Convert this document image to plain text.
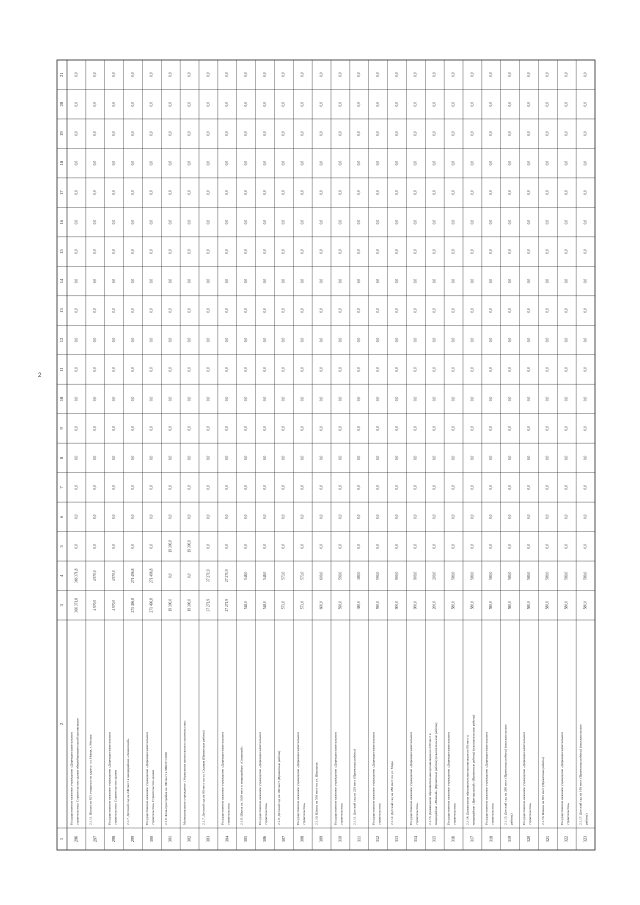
2
1
2
3
4
5
6
7
8
9
10
11
12
13
14
15
16
17
18
19
20
21
296
Государственное казенное учреждение «Дирекция капитального строительства» Строительство здания общеобразовательной организации
366 371,8
366 371,8
0,0
0,0
0,0
0,0
0,0
0,0
0,0
0,0
0,0
0,0
0,0
0,0
0,0
0,0
0,0
0,0
0,0
297
2.1.11. Школа на 825 учащихся по адресу: ул. Новая, г. Москва
4 970,0
4 970,0
0,0
0,0
0,0
0,0
0,0
0,0
0,0
0,0
0,0
0,0
0,0
0,0
0,0
0,0
0,0
0,0
0,0
298
Государственное казенное учреждение «Дирекция капитального строительства» Строительство здания
4 970,0
4 970,0
0,0
0,0
0,0
0,0
0,0
0,0
0,0
0,0
0,0
0,0
0,0
0,0
0,0
0,0
0,0
0,0
0,0
299
2.1.7. Детский сад на 240 мест в микрорайоне «Ленинский»
271 496,8
271 496,8
0,0
0,0
0,0
0,0
0,0
0,0
0,0
0,0
0,0
0,0
0,0
0,0
0,0
0,0
0,0
0,0
0,0
300
Государственное казенное учреждение «Дирекция капитального строительства» Строительство здания
271 496,8
271 496,8
0,0
0,0
0,0
0,0
0,0
0,0
0,0
0,0
0,0
0,0
0,0
0,0
0,0
0,0
0,0
0,0
0,0
301
2.1.6. Блок-пристройка на 100 мест к МБОУ СОШ
19 300,0
0,0
19 300,0
0,0
0,0
0,0
0,0
0,0
0,0
0,0
0,0
0,0
0,0
0,0
0,0
0,0
0,0
0,0
0,0
302
Муниципальное учреждение «Управление капитального строительства»
19 300,0
0,0
19 300,0
0,0
0,0
0,0
0,0
0,0
0,0
0,0
0,0
0,0
0,0
0,0
0,0
0,0
0,0
0,0
0,0
303
2.1.7. Детский сад на 80 мест по ул. Садовая (Проектные работы)
37 271,9
37 271,9
0,0
0,0
0,0
0,0
0,0
0,0
0,0
0,0
0,0
0,0
0,0
0,0
0,0
0,0
0,0
0,0
0,0
304
Государственное казенное учреждение «Дирекция капитального строительства»
27 271,9
27 271,9
0,0
0,0
0,0
0,0
0,0
0,0
0,0
0,0
0,0
0,0
0,0
0,0
0,0
0,0
0,0
0,0
0,0
305
2.1.8. Школа на 1100 мест в микрорайоне «Северный»
548,0
548,0
0,0
0,0
0,0
0,0
0,0
0,0
0,0
0,0
0,0
0,0
0,0
0,0
0,0
0,0
0,0
0,0
0,0
306
Государственное казенное учреждение «Дирекция капитального строительства»
548,0
548,0
0,0
0,0
0,0
0,0
0,0
0,0
0,0
0,0
0,0
0,0
0,0
0,0
0,0
0,0
0,0
0,0
0,0
307
2.1.9. Детский сад на 160 мест (Проектные работы)
573,0
573,0
0,0
0,0
0,0
0,0
0,0
0,0
0,0
0,0
0,0
0,0
0,0
0,0
0,0
0,0
0,0
0,0
0,0
308
Государственное казенное учреждение «Дирекция капитального строительства»
573,0
573,0
0,0
0,0
0,0
0,0
0,0
0,0
0,0
0,0
0,0
0,0
0,0
0,0
0,0
0,0
0,0
0,0
0,0
309
2.1.10. Школа на 550 мест по ул. Школьная
600,0
600,0
0,0
0,0
0,0
0,0
0,0
0,0
0,0
0,0
0,0
0,0
0,0
0,0
0,0
0,0
0,0
0,0
0,0
310
Государственное казенное учреждение «Дирекция капитального строительства»
590,0
590,0
0,0
0,0
0,0
0,0
0,0
0,0
0,0
0,0
0,0
0,0
0,0
0,0
0,0
0,0
0,0
0,0
0,0
311
2.1.11. Детский сад на 220 мест (Проектные работы)
380,0
380,0
0,0
0,0
0,0
0,0
0,0
0,0
0,0
0,0
0,0
0,0
0,0
0,0
0,0
0,0
0,0
0,0
0,0
312
Государственное казенное учреждение «Дирекция капитального строительства»
590,0
590,0
0,0
0,0
0,0
0,0
0,0
0,0
0,0
0,0
0,0
0,0
0,0
0,0
0,0
0,0
0,0
0,0
0,0
313
2.1.12. Детский сад на 280 мест по ул. Мира
900,0
900,0
0,0
0,0
0,0
0,0
0,0
0,0
0,0
0,0
0,0
0,0
0,0
0,0
0,0
0,0
0,0
0,0
0,0
314
Государственное казенное учреждение «Дирекция капитального строительства»
900,0
900,0
0,0
0,0
0,0
0,0
0,0
0,0
0,0
0,0
0,0
0,0
0,0
0,0
0,0
0,0
0,0
0,0
0,0
315
2.1.13. Дошкольная образовательная организация на 220 мест в микрорайоне «Южный» (Проектные работы) (изыскательские работы)
200,0
200,0
0,0
0,0
0,0
0,0
0,0
0,0
0,0
0,0
0,0
0,0
0,0
0,0
0,0
0,0
0,0
0,0
0,0
316
Государственное казенное учреждение «Дирекция капитального строительства»
580,0
580,0
0,0
0,0
0,0
0,0
0,0
0,0
0,0
0,0
0,0
0,0
0,0
0,0
0,0
0,0
0,0
0,0
0,0
317
2.1.14. Дошкольная образовательная организация на 90 мест в микрорайоне «Центральный» (Проектные работы) (изыскательские работы)
580,0
580,0
0,0
0,0
0,0
0,0
0,0
0,0
0,0
0,0
0,0
0,0
0,0
0,0
0,0
0,0
0,0
0,0
0,0
318
Государственное казенное учреждение «Дирекция капитального строительства»
580,0
580,0
0,0
0,0
0,0
0,0
0,0
0,0
0,0
0,0
0,0
0,0
0,0
0,0
0,0
0,0
0,0
0,0
0,0
319
2.1.15. Детский сад на 280 мест (Проектные работы) (изыскательские работы)
580,0
580,0
0,0
0,0
0,0
0,0
0,0
0,0
0,0
0,0
0,0
0,0
0,0
0,0
0,0
0,0
0,0
0,0
0,0
320
Государственное казенное учреждение «Дирекция капитального строительства»
580,0
580,0
0,0
0,0
0,0
0,0
0,0
0,0
0,0
0,0
0,0
0,0
0,0
0,0
0,0
0,0
0,0
0,0
0,0
321
2.1.16. Школа на 825 мест (Проектные работы)
580,0
580,0
0,0
0,0
0,0
0,0
0,0
0,0
0,0
0,0
0,0
0,0
0,0
0,0
0,0
0,0
0,0
0,0
0,0
322
Государственное казенное учреждение «Дирекция капитального строительства»
580,0
580,0
0,0
0,0
0,0
0,0
0,0
0,0
0,0
0,0
0,0
0,0
0,0
0,0
0,0
0,0
0,0
0,0
0,0
323
2.1.17. Детский сад на 190 мест (Проектные работы) (изыскательские работы)
580,0
580,0
0,0
0,0
0,0
0,0
0,0
0,0
0,0
0,0
0,0
0,0
0,0
0,0
0,0
0,0
0,0
0,0
0,0
